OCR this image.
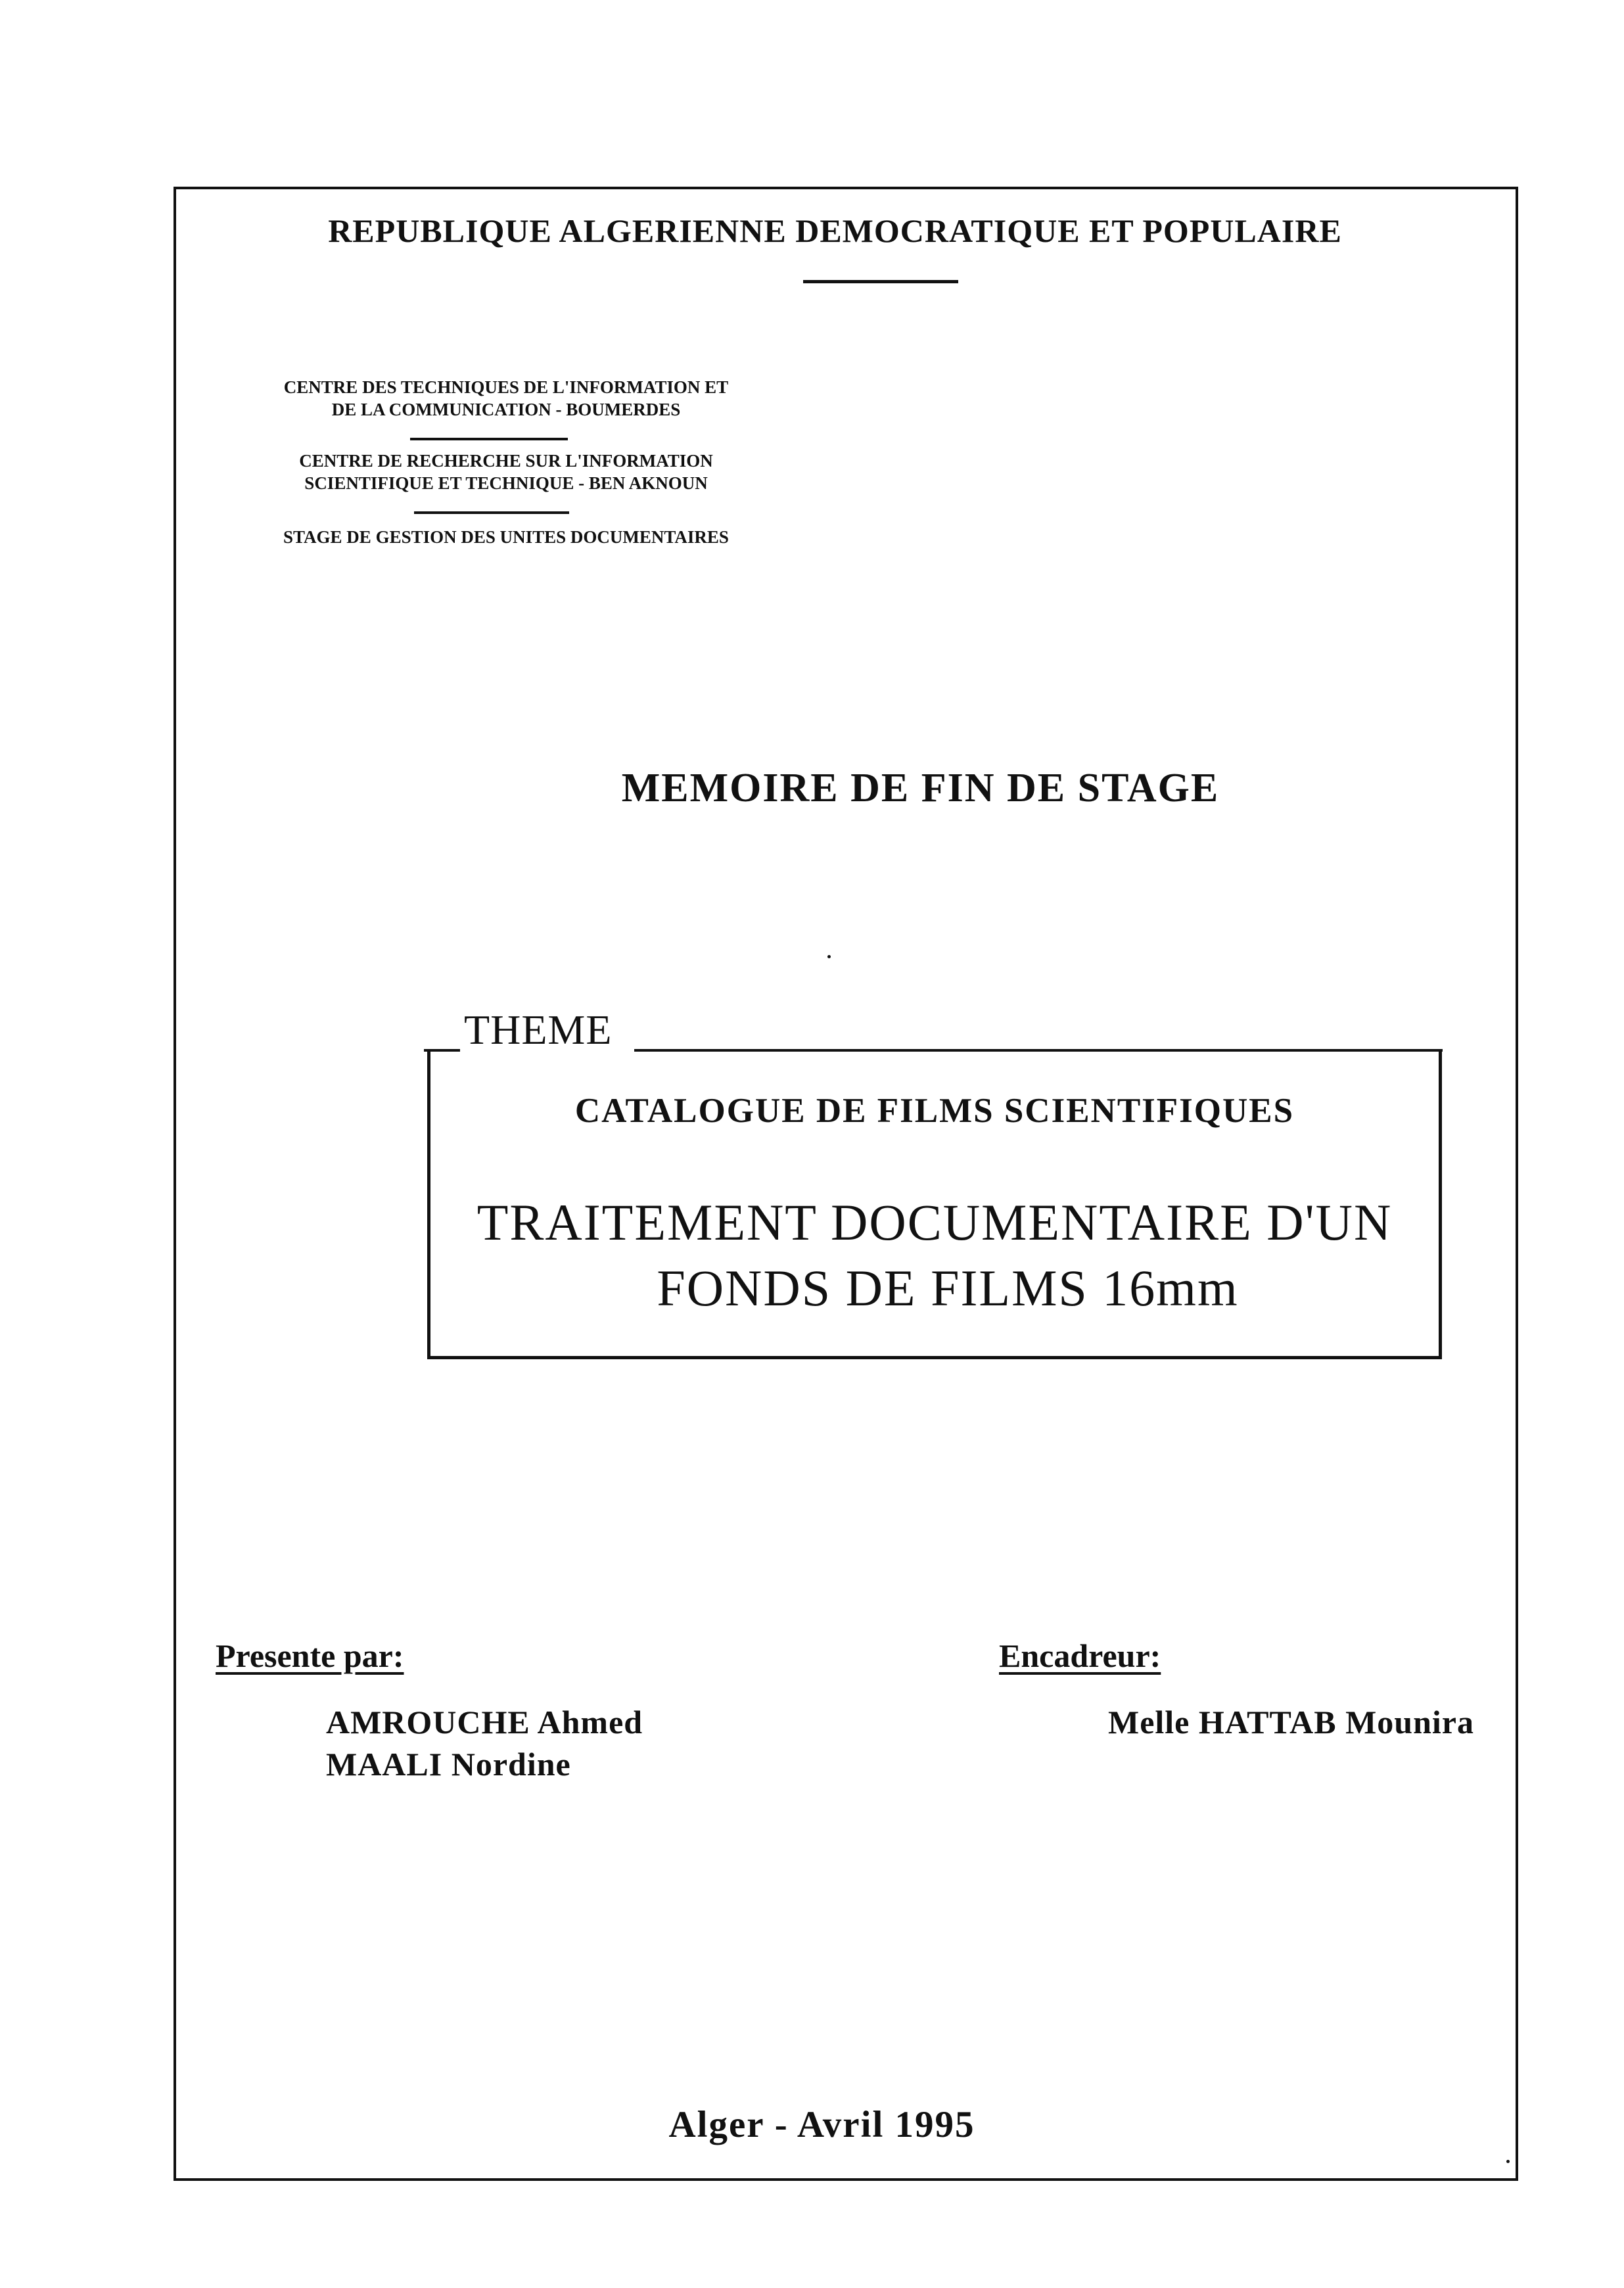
REPUBLIQUE ALGERIENNE DEMOCRATIQUE ET POPULAIRE
CENTRE DES TECHNIQUES DE L'INFORMATION ET
DE LA COMMUNICATION - BOUMERDES
CENTRE DE RECHERCHE SUR L'INFORMATION
SCIENTIFIQUE ET TECHNIQUE - BEN AKNOUN
STAGE DE GESTION DES UNITES DOCUMENTAIRES
MEMOIRE DE FIN DE STAGE
THEME
CATALOGUE DE FILMS SCIENTIFIQUES
TRAITEMENT DOCUMENTAIRE D'UN
FONDS DE FILMS 16mm
Presente par:
AMROUCHE Ahmed
MAALI Nordine
Encadreur:
Melle HATTAB Mounira
Alger - Avril 1995
